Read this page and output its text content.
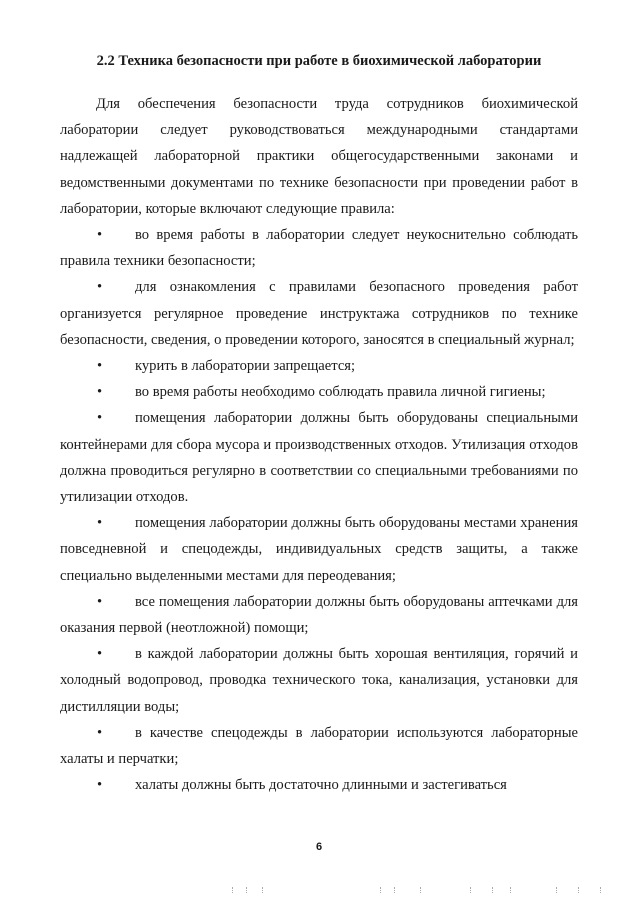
2.2 Техника безопасности при работе в биохимической лаборатории

Для обеспечения безопасности труда сотрудников биохимической лаборатории следует руководствоваться международными стандартами надлежащей лабораторной практики общегосударственными законами и ведомственными документами по технике безопасности при проведении работ в лаборатории, которые включают следующие правила:

• во время работы в лаборатории следует неукоснительно соблюдать правила техники безопасности;

• для ознакомления с правилами безопасного проведения работ организуется регулярное проведение инструктажа сотрудников по технике безопасности, сведения, о проведении которого, заносятся в специальный журнал;

• курить в лаборатории запрещается;

• во время работы необходимо соблюдать правила личной гигиены;

• помещения лаборатории должны быть оборудованы специальными контейнерами для сбора мусора и производственных отходов. Утилизация отходов должна проводиться регулярно в соответствии со специальными требованиями по утилизации отходов.

• помещения лаборатории должны быть оборудованы местами хранения повседневной и спецодежды, индивидуальных средств защиты, а также специально выделенными местами для переодевания;

• все помещения лаборатории должны быть оборудованы аптечками для оказания первой (неотложной) помощи;

• в каждой лаборатории должны быть хорошая вентиляция, горячий и холодный водопровод, проводка технического тока, канализация, установки для дистилляции воды;

• в качестве спецодежды в лаборатории используются лабораторные халаты и перчатки;

• халаты должны быть достаточно длинными и застегиваться

6
